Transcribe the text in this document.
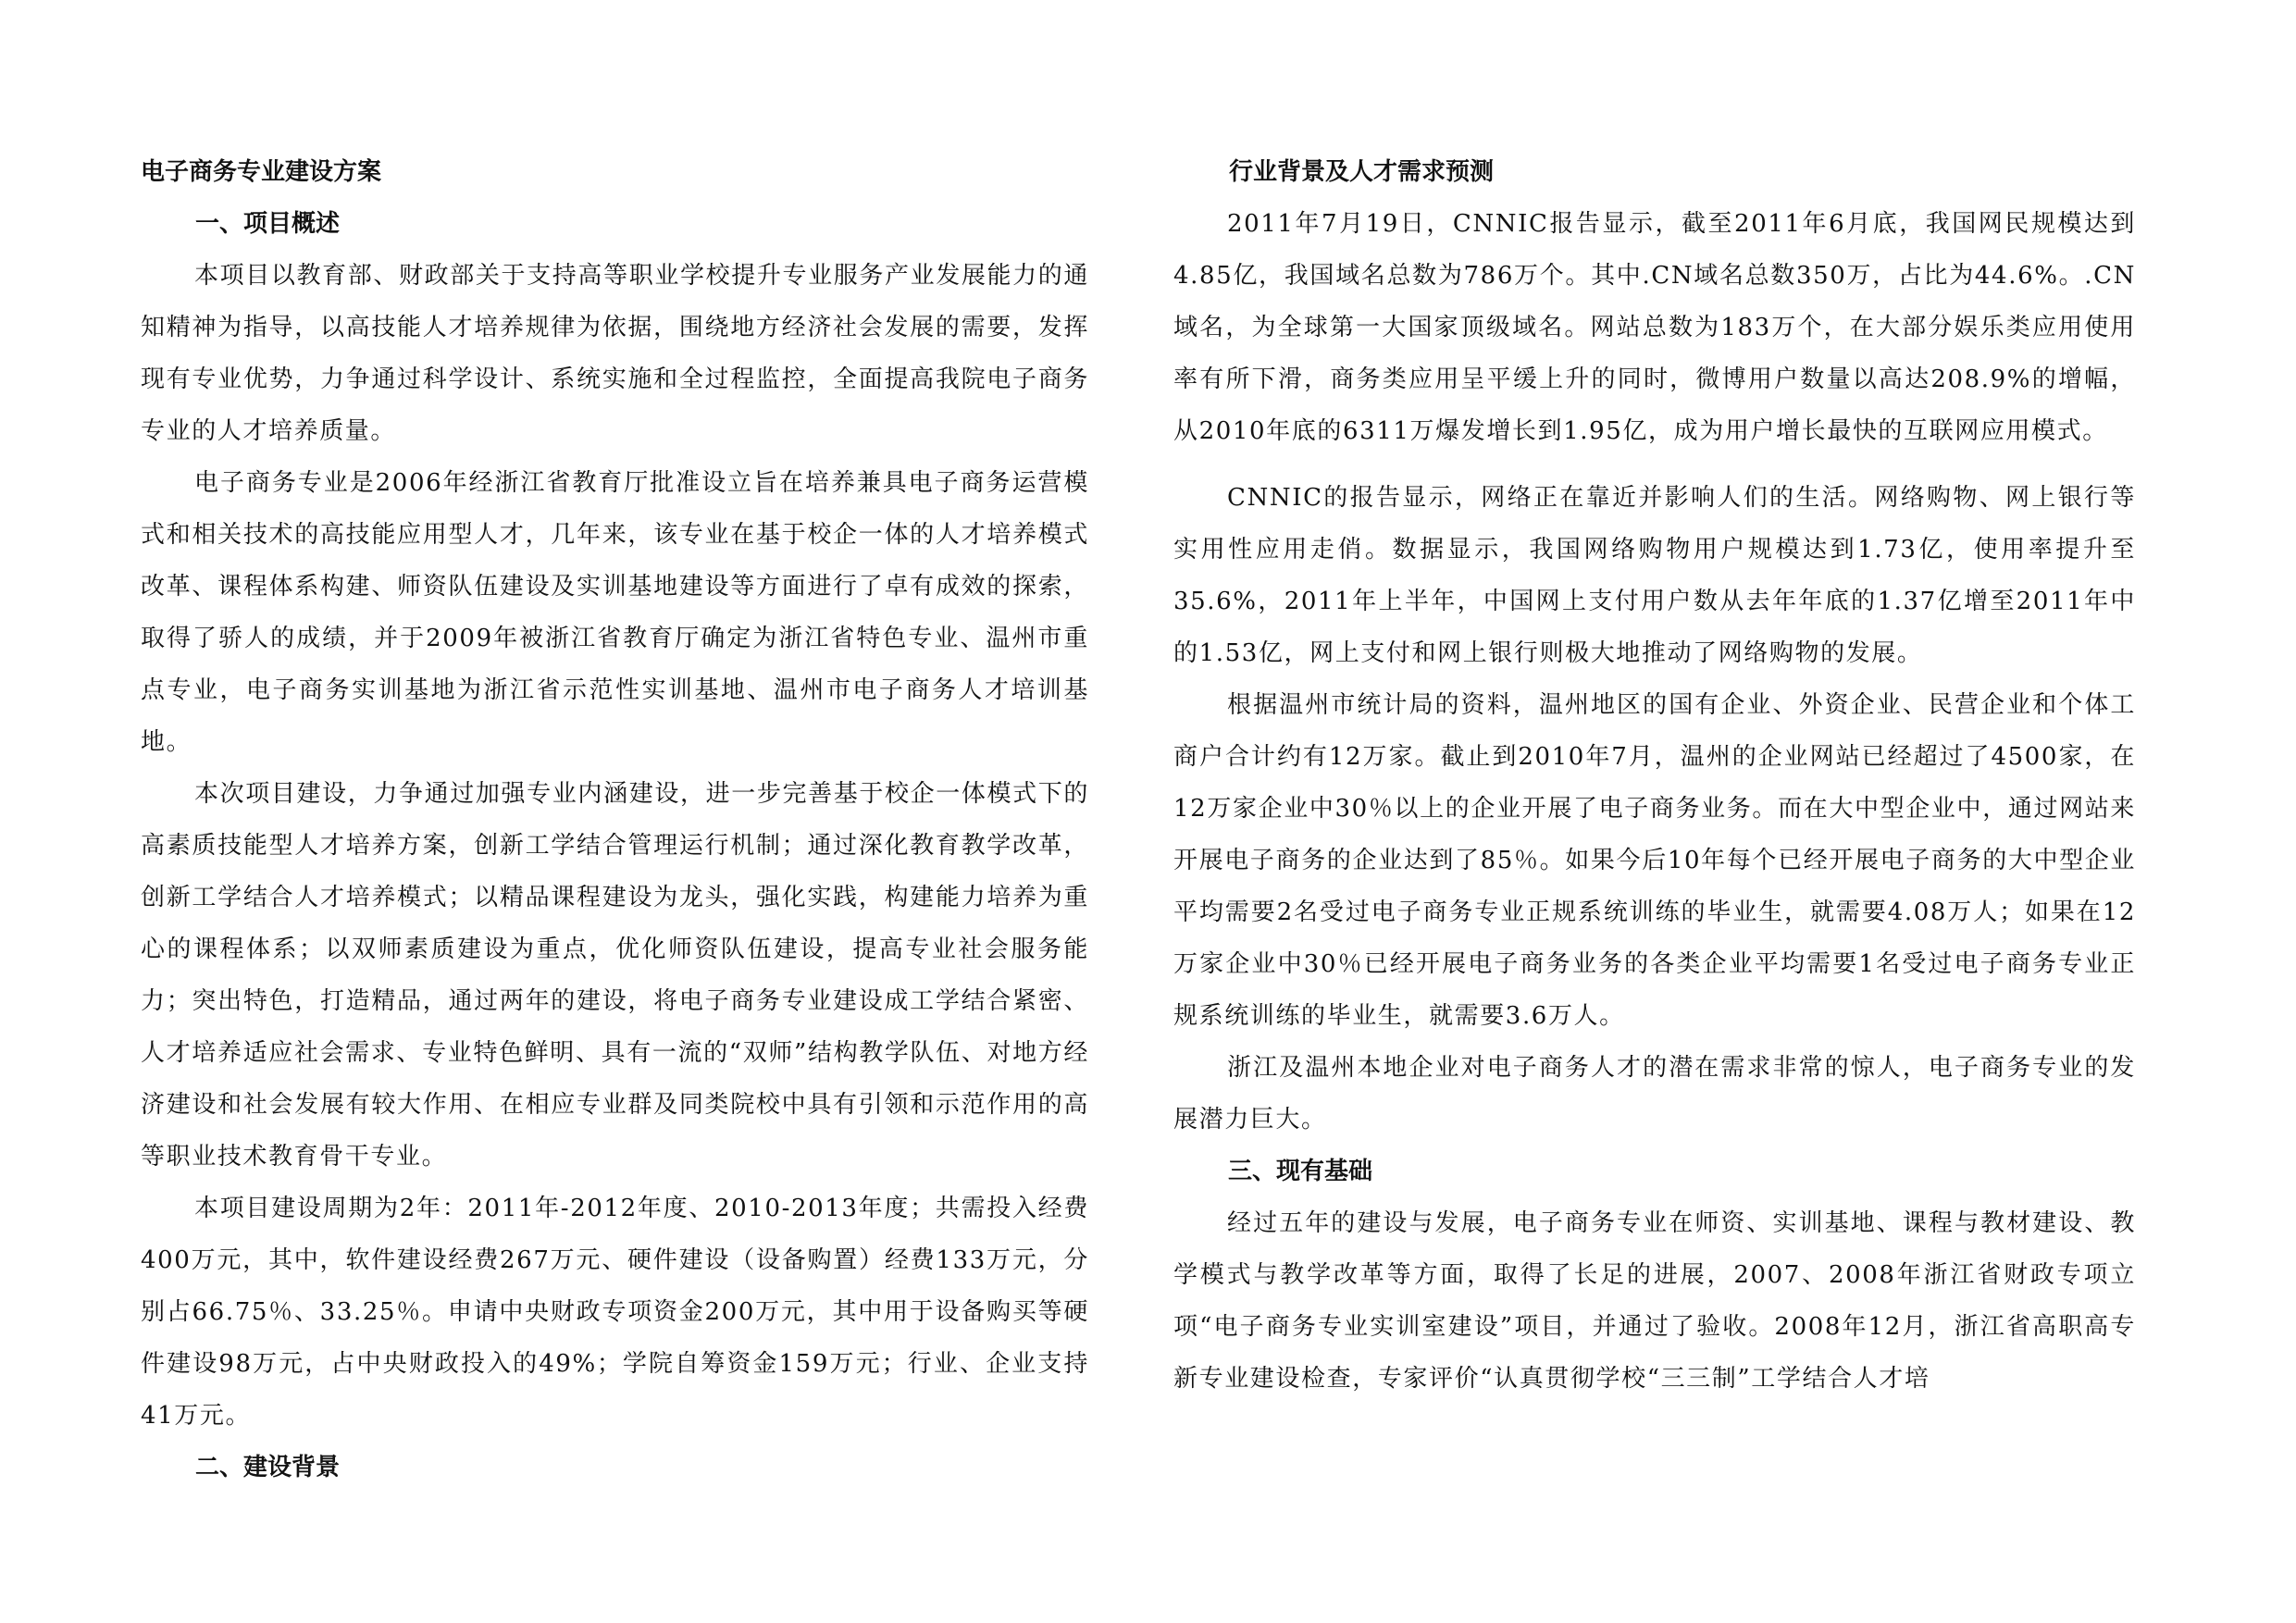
电子商务专业建设方案

一、项目概述

本项目以教育部、财政部关于支持高等职业学校提升专业服务产业发展能力的通知精神为指导，以高技能人才培养规律为依据，围绕地方经济社会发展的需要，发挥现有专业优势，力争通过科学设计、系统实施和全过程监控，全面提高我院电子商务专业的人才培养质量。

电子商务专业是2006年经浙江省教育厅批准设立旨在培养兼具电子商务运营模式和相关技术的高技能应用型人才，几年来，该专业在基于校企一体的人才培养模式改革、课程体系构建、师资队伍建设及实训基地建设等方面进行了卓有成效的探索，取得了骄人的成绩，并于2009年被浙江省教育厅确定为浙江省特色专业、温州市重点专业，电子商务实训基地为浙江省示范性实训基地、温州市电子商务人才培训基地。

本次项目建设，力争通过加强专业内涵建设，进一步完善基于校企一体模式下的高素质技能型人才培养方案，创新工学结合管理运行机制；通过深化教育教学改革，创新工学结合人才培养模式；以精品课程建设为龙头，强化实践，构建能力培养为重心的课程体系；以双师素质建设为重点，优化师资队伍建设，提高专业社会服务能力；突出特色，打造精品，通过两年的建设，将电子商务专业建设成工学结合紧密、人才培养适应社会需求、专业特色鲜明、具有一流的“双师”结构教学队伍、对地方经济建设和社会发展有较大作用、在相应专业群及同类院校中具有引领和示范作用的高等职业技术教育骨干专业。

本项目建设周期为2年：2011年-2012年度、2010-2013年度；共需投入经费400万元，其中，软件建设经费267万元、硬件建设（设备购置）经费133万元，分别占66.75％、33.25％。申请中央财政专项资金200万元，其中用于设备购买等硬件建设98万元，占中央财政投入的49%；学院自筹资金159万元；行业、企业支持41万元。

二、建设背景

行业背景及人才需求预测

2011年7月19日，CNNIC报告显示，截至2011年6月底，我国网民规模达到4.85亿，我国域名总数为786万个。其中.CN域名总数350万，占比为44.6%。.CN域名，为全球第一大国家顶级域名。网站总数为183万个，在大部分娱乐类应用使用率有所下滑，商务类应用呈平缓上升的同时，微博用户数量以高达208.9%的增幅，从2010年底的6311万爆发增长到1.95亿，成为用户增长最快的互联网应用模式。

CNNIC的报告显示，网络正在靠近并影响人们的生活。网络购物、网上银行等实用性应用走俏。数据显示，我国网络购物用户规模达到1.73亿，使用率提升至35.6%，2011年上半年，中国网上支付用户数从去年年底的1.37亿增至2011年中的1.53亿，网上支付和网上银行则极大地推动了网络购物的发展。

根据温州市统计局的资料，温州地区的国有企业、外资企业、民营企业和个体工商户合计约有12万家。截止到2010年7月，温州的企业网站已经超过了4500家，在12万家企业中30％以上的企业开展了电子商务业务。而在大中型企业中，通过网站来开展电子商务的企业达到了85％。如果今后10年每个已经开展电子商务的大中型企业平均需要2名受过电子商务专业正规系统训练的毕业生，就需要4.08万人；如果在12万家企业中30％已经开展电子商务业务的各类企业平均需要1名受过电子商务专业正规系统训练的毕业生，就需要3.6万人。

浙江及温州本地企业对电子商务人才的潜在需求非常的惊人，电子商务专业的发展潜力巨大。

三、现有基础

经过五年的建设与发展，电子商务专业在师资、实训基地、课程与教材建设、教学模式与教学改革等方面，取得了长足的进展，2007、2008年浙江省财政专项立项“电子商务专业实训室建设”项目，并通过了验收。2008年12月，浙江省高职高专新专业建设检查，专家评价“认真贯彻学校“三三制”工学结合人才培
